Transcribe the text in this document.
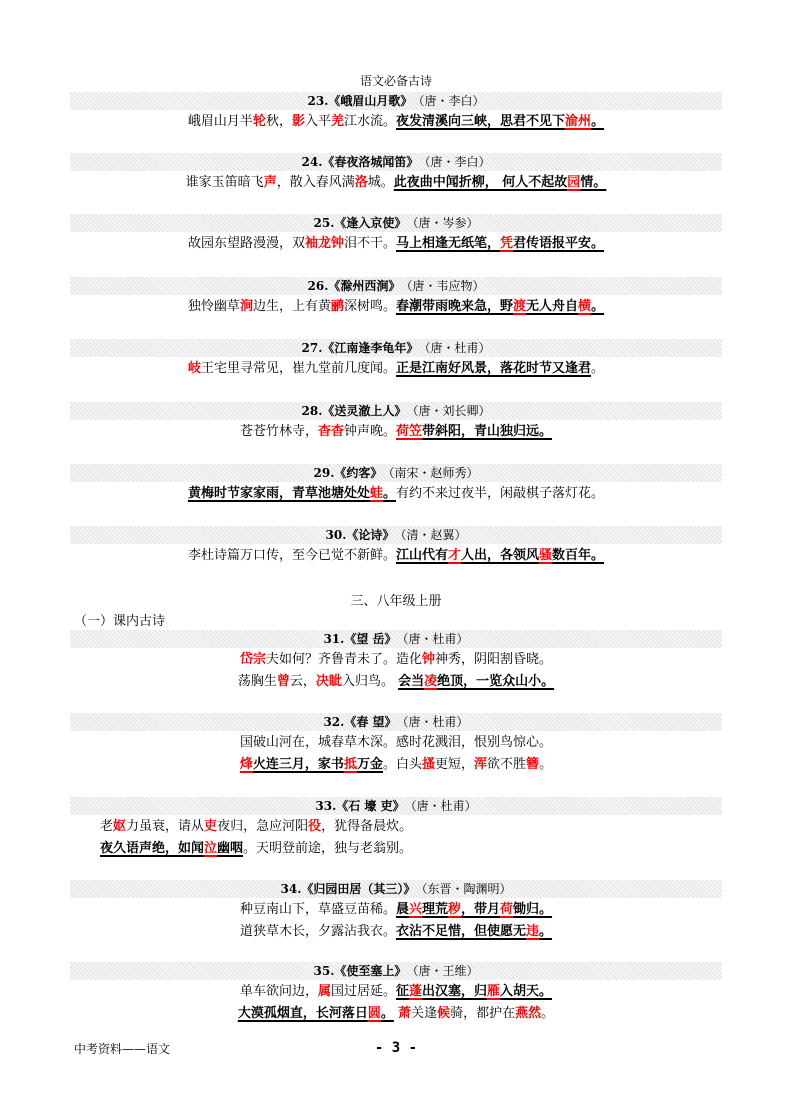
语文必备古诗
23.《峨眉山月歌》 （唐・李白）
峨眉山月半轮秋，影入平羌江水流。夜发清溪向三峡，思君不见下渝州。
24.《春夜洛城闻笛》 （唐・李白）
谁家玉笛暗飞声，散入春风满洛城。此夜曲中闻折柳， 何人不起故园情。
25.《逢入京使》 （唐・岑参）
故园东望路漫漫，双袖龙钟泪不干。马上相逢无纸笔，凭君传语报平安。
26.《滁州西涧》 （唐・韦应物）
独怜幽草涧边生，上有黄鹂深树鸣。春潮带雨晚来急，野渡无人舟自横。
27.《江南逢李龟年》 （唐・杜甫）
岐王宅里寻常见，崔九堂前几度闻。正是江南好风景，落花时节又逢君。
28.《送灵澈上人》 （唐・刘长卿）
苍苍竹林寺，杳杳钟声晚。荷笠带斜阳，青山独归远。
29.《约客》 （南宋・赵师秀）
黄梅时节家家雨，青草池塘处处蛙。有约不来过夜半，闲敲棋子落灯花。
30.《论诗》 （清・赵翼）
李杜诗篇万口传，至今已觉不新鲜。江山代有才人出，各领风骚数百年。
31.《望 岳》 （唐・杜甫）
岱宗夫如何？齐鲁青未了。造化钟神秀，阴阳割昏晓。
荡胸生曾云，决眦入归鸟。 会当凌绝顶，一览众山小。
32.《春 望》 （唐・杜甫）
国破山河在，城春草木深。感时花溅泪，恨别鸟惊心。
烽火连三月，家书抵万金。白头搔更短，浑欲不胜簪。
33.《石 壕 吏》 （唐・杜甫）
老妪力虽衰，请从吏夜归，急应河阳役，犹得备晨炊。
夜久语声绝，如闻泣幽咽。天明登前途，独与老翁别。
34.《归园田居（其三）》 （东晋・陶渊明）
种豆南山下，草盛豆苗稀。晨兴理荒秽，带月荷锄归。
道狭草木长，夕露沾我衣。衣沾不足惜，但使愿无违。
35.《使至塞上》 （唐・王维）
单车欲问边，属国过居延。征蓬出汉塞，归雁入胡天。
大漠孤烟直，长河落日圆。 萧关逢候骑，都护在燕然。
三、八年级上册
（一）课内古诗
中考资料——语文	- 3 -
